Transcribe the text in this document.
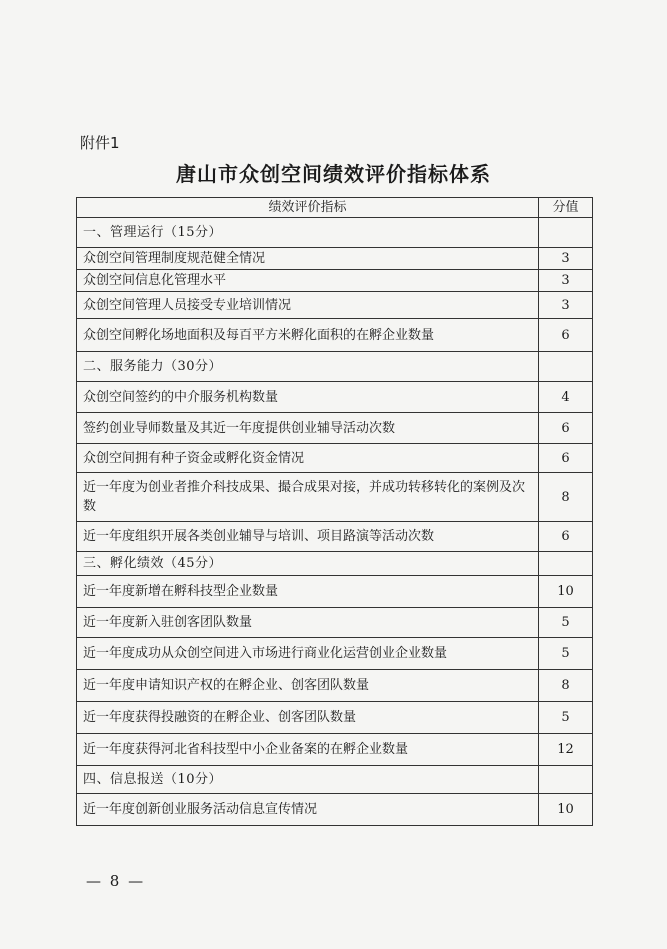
附件1
唐山市众创空间绩效评价指标体系
绩效评价指标	分值
一、管理运行（15分）	
众创空间管理制度规范健全情况	3
众创空间信息化管理水平	3
众创空间管理人员接受专业培训情况	3
众创空间孵化场地面积及每百平方米孵化面积的在孵企业数量	6
二、服务能力（30分）	
众创空间签约的中介服务机构数量	4
签约创业导师数量及其近一年度提供创业辅导活动次数	6
众创空间拥有种子资金或孵化资金情况	6
近一年度为创业者推介科技成果、撮合成果对接，并成功转移转化的案例及次数	8
近一年度组织开展各类创业辅导与培训、项目路演等活动次数	6
三、孵化绩效（45分）	
近一年度新增在孵科技型企业数量	10
近一年度新入驻创客团队数量	5
近一年度成功从众创空间进入市场进行商业化运营创业企业数量	5
近一年度申请知识产权的在孵企业、创客团队数量	8
近一年度获得投融资的在孵企业、创客团队数量	5
近一年度获得河北省科技型中小企业备案的在孵企业数量	12
四、信息报送（10分）	
近一年度创新创业服务活动信息宣传情况	10
— 8 —
